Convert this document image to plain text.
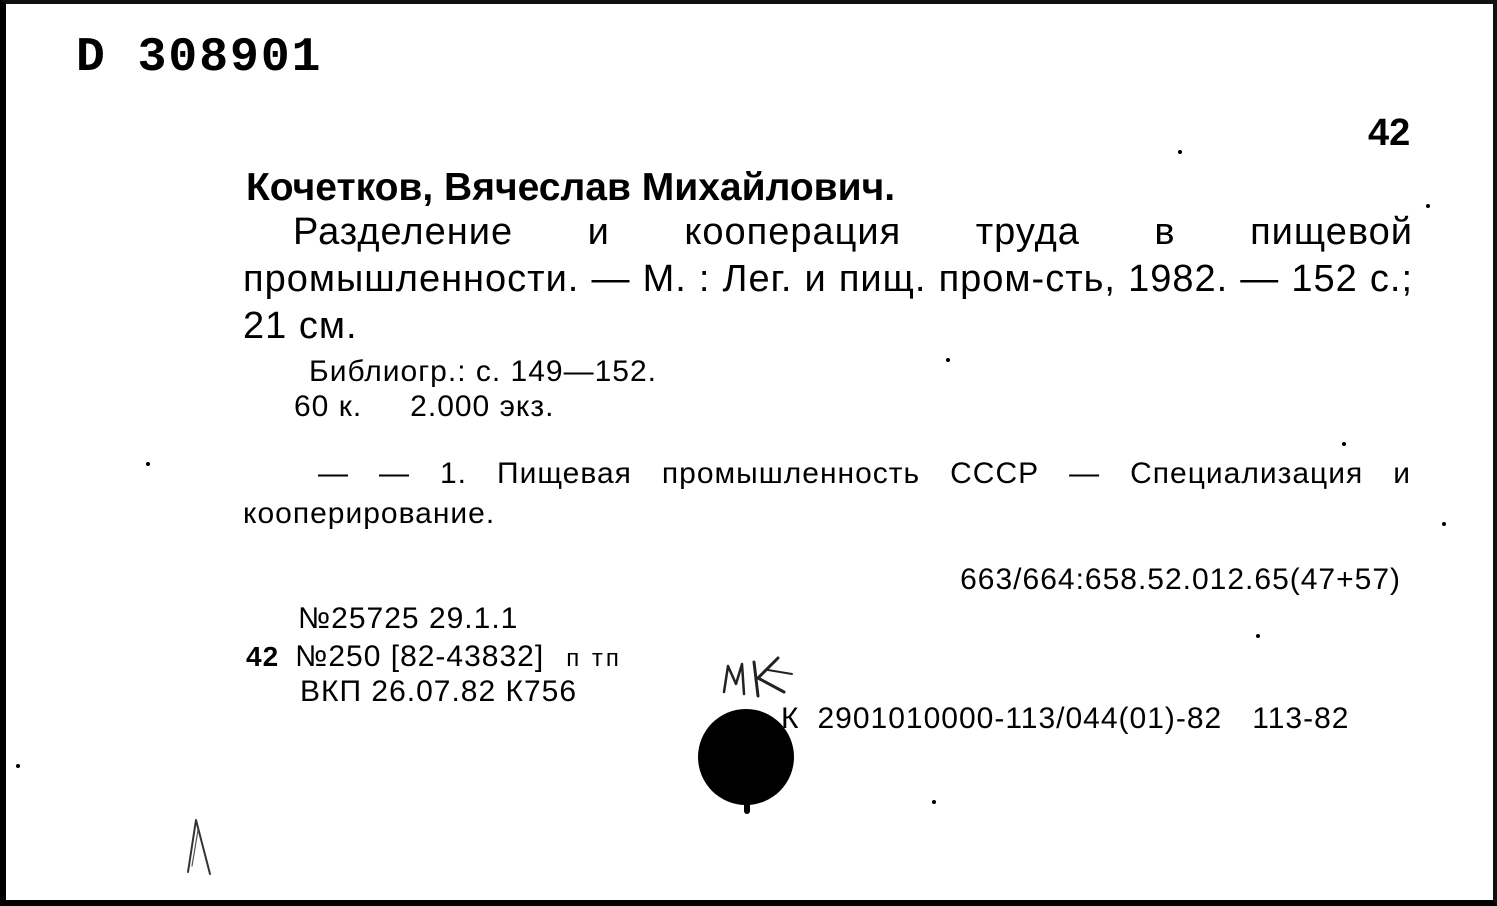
D 308901
42
Кочетков, Вячеслав Михайлович.
Разделение и кооперация труда в пищевой промышленности. — М. : Лег. и пищ. пром-сть, 1982. — 152 с.; 21 см.
Библиогр.: с. 149—152.
60 к. 2.000 экз.
— — 1. Пищевая промышленность СССР — Специализация и кооперирование.
663/664:658.52.012.65(47+57)
№25725 29.1.1
42 №250 [82-43832] п тп
ВКП 26.07.82 К756
К 2901010000-113/044(01)-82 113-82
